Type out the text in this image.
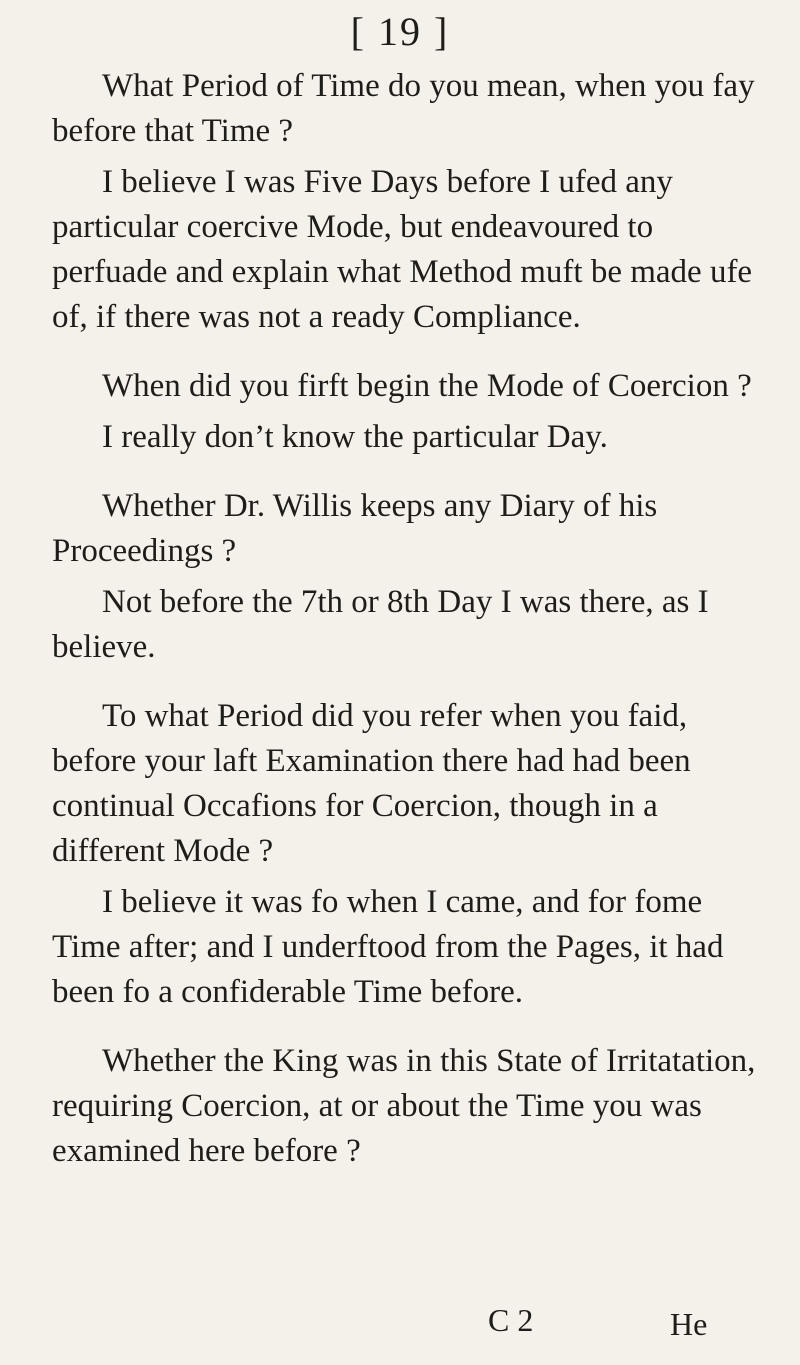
[ 19 ]

What Period of Time do you mean, when you fay before that Time ?

I believe I was Five Days before I ufed any particular coercive Mode, but endeavoured to perfuade and explain what Method muft be made ufe of, if there was not a ready Compliance.

When did you firft begin the Mode of Coercion ?

I really don’t know the particular Day.

Whether Dr. Willis keeps any Diary of his Proceedings ?

Not before the 7th or 8th Day I was there, as I believe.

To what Period did you refer when you faid, before your laft Examination there had had been continual Occafions for Coercion, though in a different Mode ?

I believe it was fo when I came, and for fome Time after; and I underftood from the Pages, it had been fo a confiderable Time before.

Whether the King was in this State of Irritatation, requiring Coercion, at or about the Time you was examined here before ?

C 2	He
